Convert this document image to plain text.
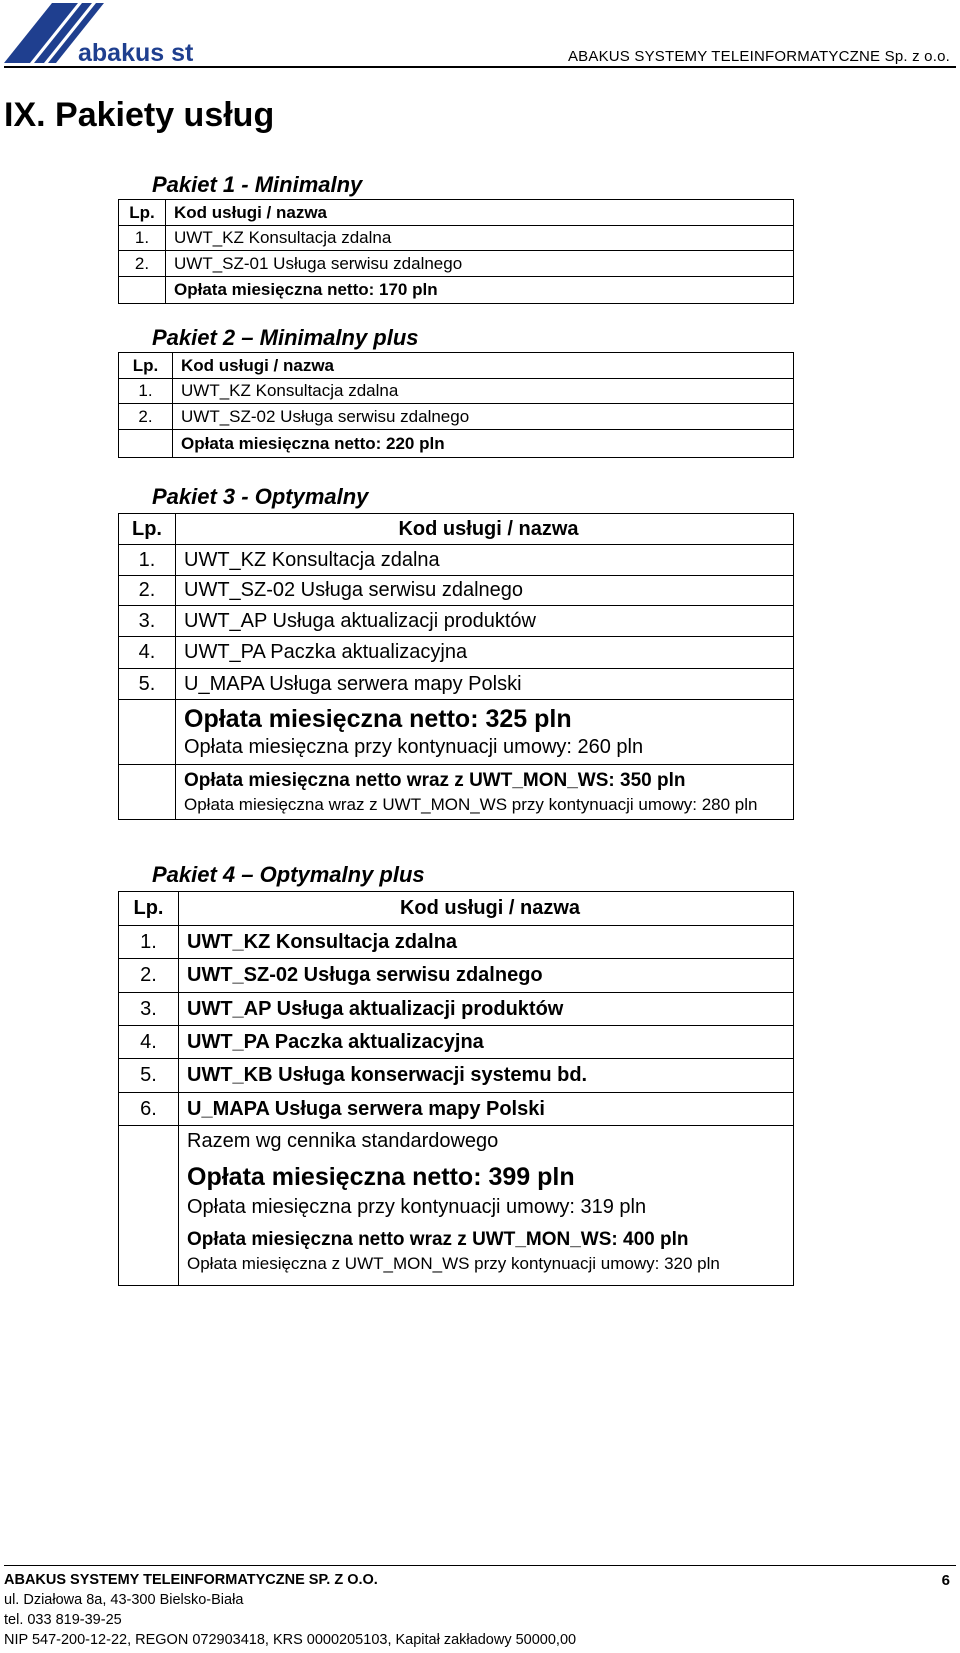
abakus st	ABAKUS SYSTEMY TELEINFORMATYCZNE Sp. z o.o.
IX. Pakiety usług
Pakiet 1 - Minimalny
Lp.	Kod usługi / nazwa
1.	UWT_KZ Konsultacja zdalna
2.	UWT_SZ-01 Usługa serwisu zdalnego
	Opłata miesięczna netto: 170 pln
Pakiet 2 – Minimalny plus
Lp.	Kod usługi / nazwa
1.	UWT_KZ Konsultacja zdalna
2.	UWT_SZ-02 Usługa serwisu zdalnego
	Opłata miesięczna netto: 220 pln
Pakiet 3 - Optymalny
Lp.	Kod usługi / nazwa
1.	UWT_KZ Konsultacja zdalna
2.	UWT_SZ-02 Usługa serwisu zdalnego
3.	UWT_AP Usługa aktualizacji produktów
4.	UWT_PA Paczka aktualizacyjna
5.	U_MAPA Usługa serwera mapy Polski

	Opłata miesięczna netto: 325 pln
Opłata miesięczna przy kontynuacji umowy: 260 pln

	Opłata miesięczna netto wraz z UWT_MON_WS: 350 pln
Opłata miesięczna wraz z UWT_MON_WS przy kontynuacji umowy: 280 pln
Pakiet 4 – Optymalny plus
Lp.	Kod usługi / nazwa
1.	UWT_KZ Konsultacja zdalna
2.	UWT_SZ-02 Usługa serwisu zdalnego
3.	UWT_AP Usługa aktualizacji produktów
4.	UWT_PA Paczka aktualizacyjna
5.	UWT_KB Usługa konserwacji systemu bd.
6.	U_MAPA Usługa serwera mapy Polski

	Razem wg cennika standardowego
Opłata miesięczna netto: 399 pln
Opłata miesięczna przy kontynuacji umowy: 319 pln
Opłata miesięczna netto wraz z UWT_MON_WS: 400 pln
Opłata miesięczna z UWT_MON_WS przy kontynuacji umowy: 320 pln
ABAKUS SYSTEMY TELEINFORMATYCZNE SP. Z O.O.	6
ul. Działowa 8a, 43-300 Bielsko-Biała
tel. 033 819-39-25
NIP 547-200-12-22, REGON 072903418, KRS 0000205103, Kapitał zakładowy 50000,00
